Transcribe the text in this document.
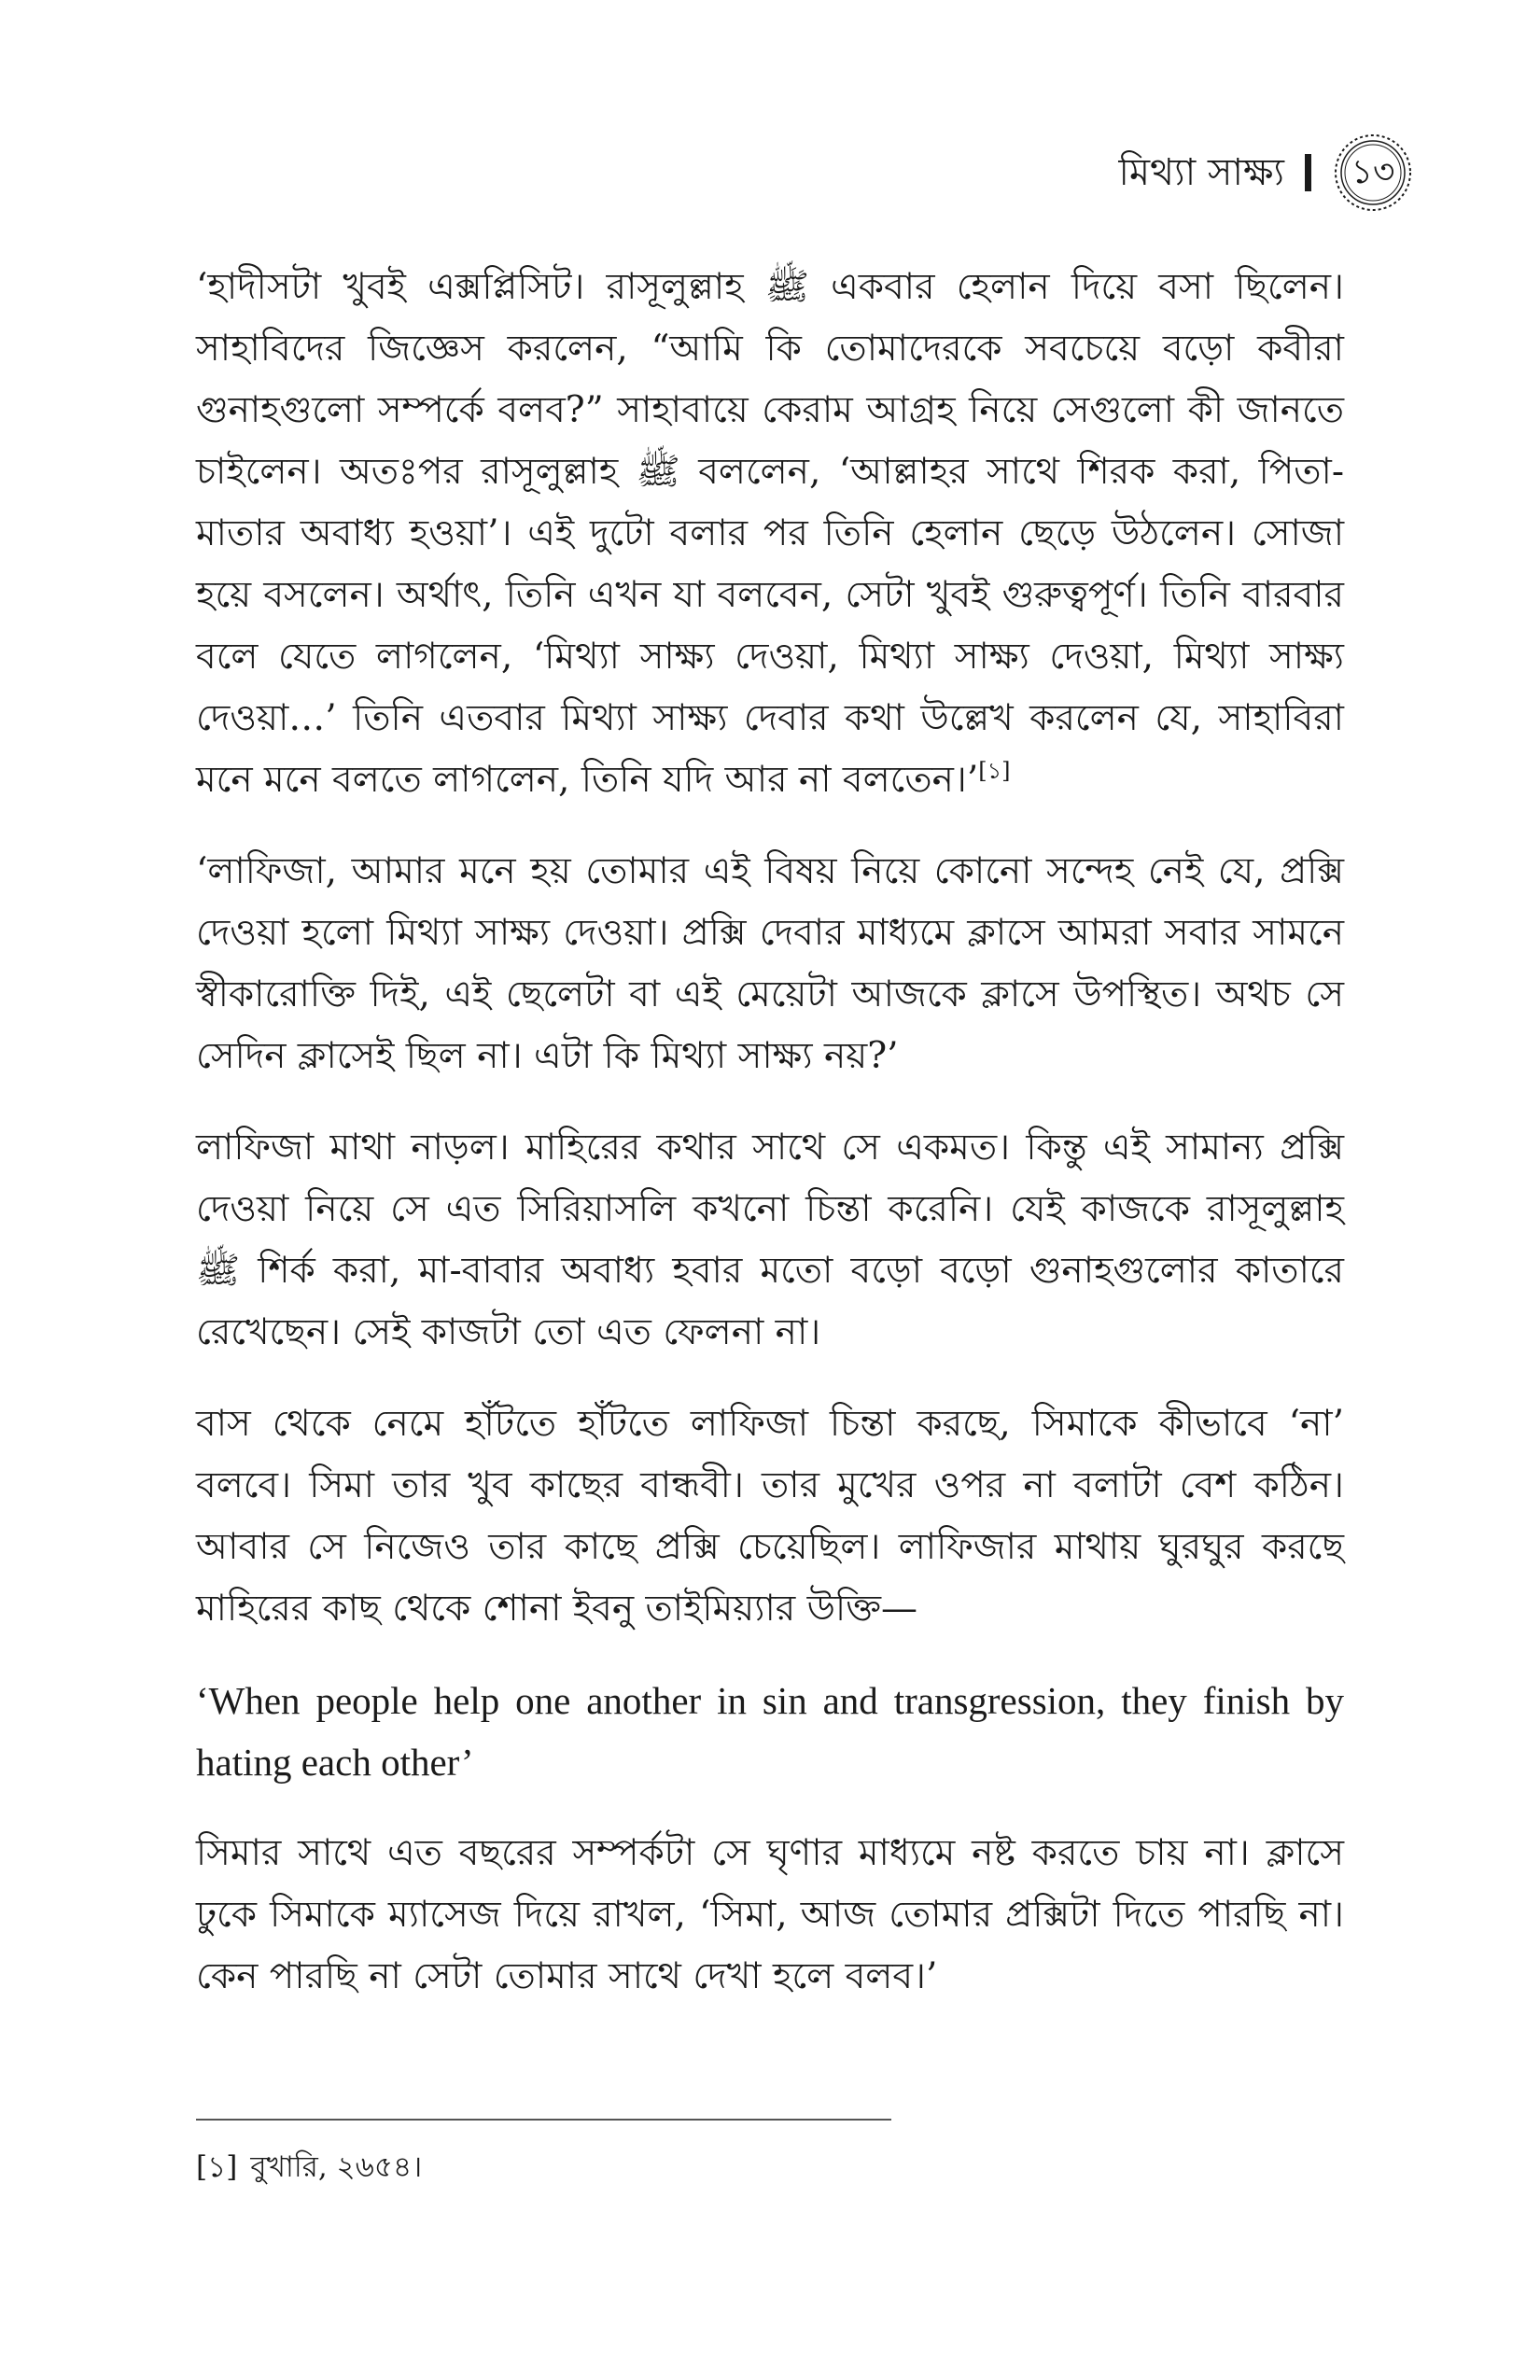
মিথ্যা সাক্ষ্য	১৩

‘হাদীসটা খুবই এক্সপ্লিসিট। রাসূলুল্লাহ ﷺ একবার হেলান দিয়ে বসা ছিলেন। সাহাবিদের জিজ্ঞেস করলেন, “আমি কি তোমাদেরকে সবচেয়ে বড়ো কবীরা গুনাহগুলো সম্পর্কে বলব?” সাহাবায়ে কেরাম আগ্রহ নিয়ে সেগুলো কী জানতে চাইলেন। অতঃপর রাসূলুল্লাহ ﷺ বললেন, ‘আল্লাহর সাথে শিরক করা, পিতা-মাতার অবাধ্য হওয়া’। এই দুটো বলার পর তিনি হেলান ছেড়ে উঠলেন। সোজা হয়ে বসলেন। অর্থাৎ, তিনি এখন যা বলবেন, সেটা খুবই গুরুত্বপূর্ণ। তিনি বারবার বলে যেতে লাগলেন, ‘মিথ্যা সাক্ষ্য দেওয়া, মিথ্যা সাক্ষ্য দেওয়া, মিথ্যা সাক্ষ্য দেওয়া…’ তিনি এতবার মিথ্যা সাক্ষ্য দেবার কথা উল্লেখ করলেন যে, সাহাবিরা মনে মনে বলতে লাগলেন, তিনি যদি আর না বলতেন।’[১]

‘লাফিজা, আমার মনে হয় তোমার এই বিষয় নিয়ে কোনো সন্দেহ নেই যে, প্রক্সি দেওয়া হলো মিথ্যা সাক্ষ্য দেওয়া। প্রক্সি দেবার মাধ্যমে ক্লাসে আমরা সবার সামনে স্বীকারোক্তি দিই, এই ছেলেটা বা এই মেয়েটা আজকে ক্লাসে উপস্থিত। অথচ সে সেদিন ক্লাসেই ছিল না। এটা কি মিথ্যা সাক্ষ্য নয়?’

লাফিজা মাথা নাড়ল। মাহিরের কথার সাথে সে একমত। কিন্তু এই সামান্য প্রক্সি দেওয়া নিয়ে সে এত সিরিয়াসলি কখনো চিন্তা করেনি। যেই কাজকে রাসূলুল্লাহ ﷺ শির্ক করা, মা-বাবার অবাধ্য হবার মতো বড়ো বড়ো গুনাহগুলোর কাতারে রেখেছেন। সেই কাজটা তো এত ফেলনা না।

বাস থেকে নেমে হাঁটতে হাঁটতে লাফিজা চিন্তা করছে, সিমাকে কীভাবে ‘না’ বলবে। সিমা তার খুব কাছের বান্ধবী। তার মুখের ওপর না বলাটা বেশ কঠিন। আবার সে নিজেও তার কাছে প্রক্সি চেয়েছিল। লাফিজার মাথায় ঘুরঘুর করছে মাহিরের কাছ থেকে শোনা ইবনু তাইমিয়্যার উক্তি—

‘When people help one another in sin and transgression, they finish by hating each other’

সিমার সাথে এত বছরের সম্পর্কটা সে ঘৃণার মাধ্যমে নষ্ট করতে চায় না। ক্লাসে ঢুকে সিমাকে ম্যাসেজ দিয়ে রাখল, ‘সিমা, আজ তোমার প্রক্সিটা দিতে পারছি না। কেন পারছি না সেটা তোমার সাথে দেখা হলে বলব।’

[১] বুখারি, ২৬৫৪।
